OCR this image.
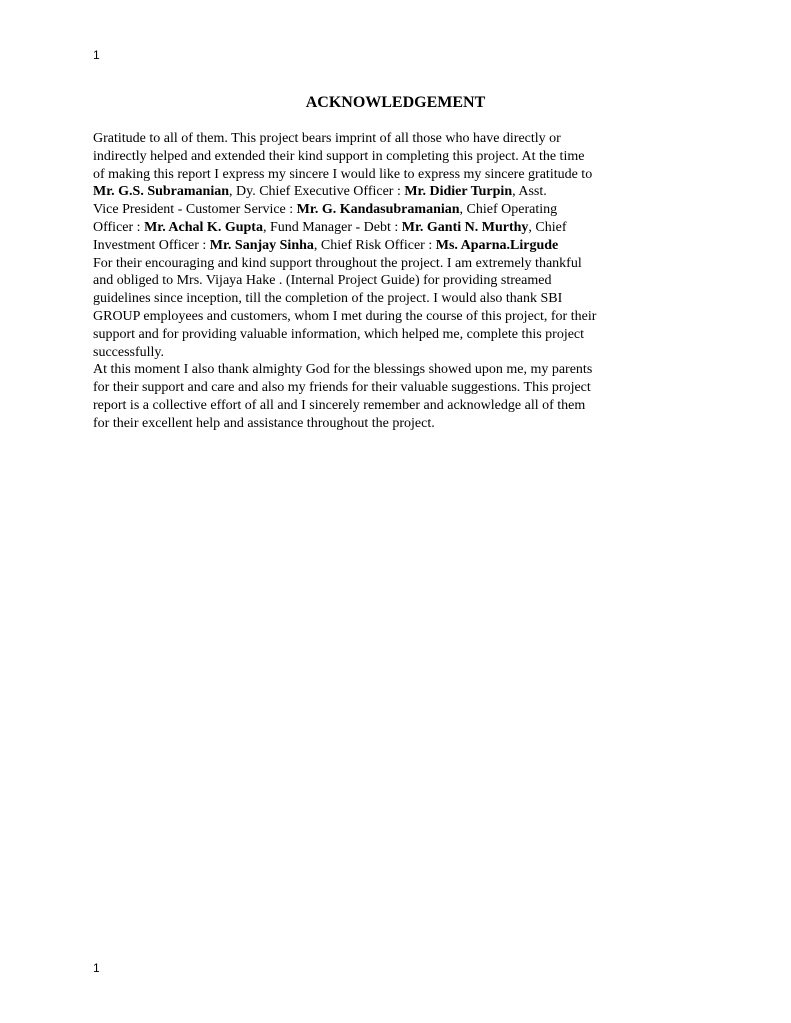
1
ACKNOWLEDGEMENT
Gratitude to all of them. This project bears imprint of all those who have directly or
indirectly helped and extended their kind support in completing this project. At the time
of making this report I express my sincere I would like to express my sincere gratitude to
Mr. G.S. Subramanian, Dy. Chief Executive Officer : Mr. Didier Turpin, Asst.
Vice President - Customer Service : Mr. G. Kandasubramanian, Chief Operating
Officer : Mr. Achal K. Gupta, Fund Manager - Debt : Mr. Ganti N. Murthy, Chief
Investment Officer : Mr. Sanjay Sinha, Chief Risk Officer : Ms. Aparna.Lirgude
For their encouraging and kind support throughout the project. I am extremely thankful
and obliged to Mrs. Vijaya Hake . (Internal Project Guide) for providing streamed
guidelines since inception, till the completion of the project. I would also thank SBI
GROUP employees and customers, whom I met during the course of this project, for their
support and for providing valuable information, which helped me, complete this project
successfully.
At this moment I also thank almighty God for the blessings showed upon me, my parents
for their support and care and also my friends for their valuable suggestions. This project
report is a collective effort of all and I sincerely remember and acknowledge all of them
for their excellent help and assistance throughout the project.
1
